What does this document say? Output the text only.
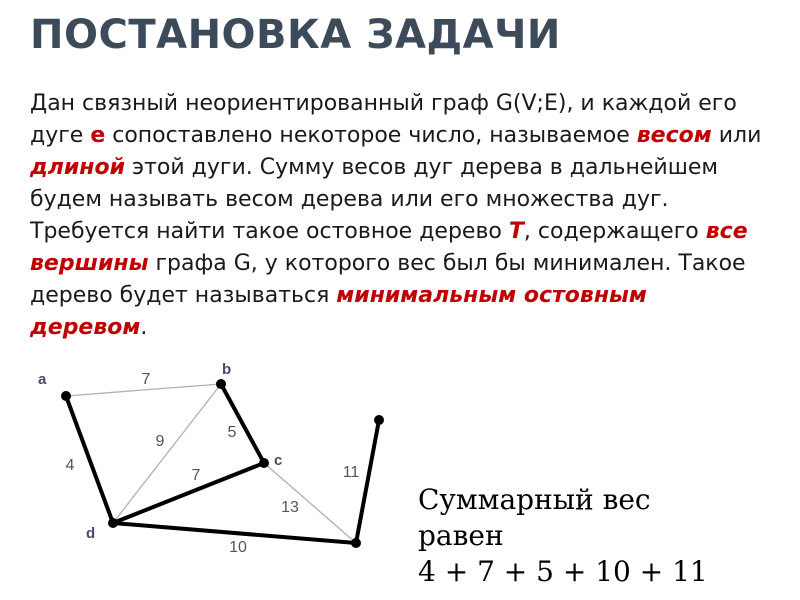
ПОСТАНОВКА ЗАДАЧИ

Дан связный неориентированный граф G(V;E), и каждой его дуге е сопоставлено некоторое число, называемое весом или длиной этой дуги. Сумму весов дуг дерева в дальнейшем будем называть весом дерева или его множества дуг. Требуется найти такое остовное дерево T, содержащего все вершины графа G, у которого вес был бы минимален. Такое дерево будет называться минимальным остовным деревом.

7
4
9
5
7
10
13
11
a
b
c
d
Суммарный вес
равен
4 + 7 + 5 + 10 + 11
